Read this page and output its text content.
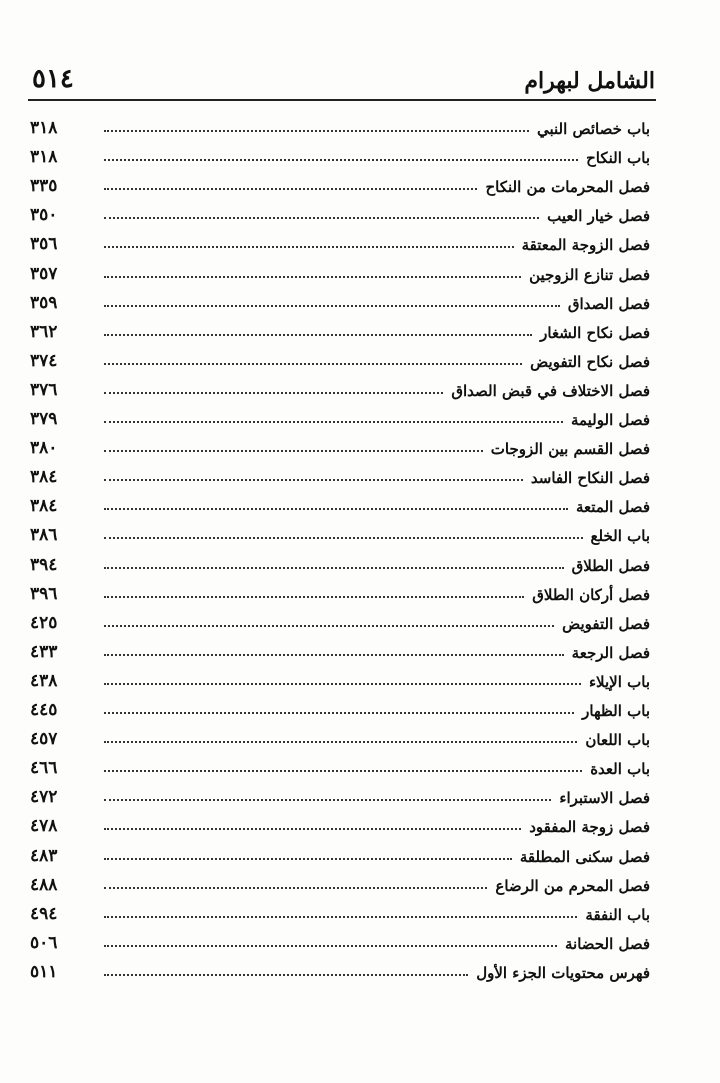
الشامل لبهرام
٥١٤
باب خصائص النبي
٣١٨
باب النكاح
٣١٨
فصل المحرمات من النكاح
٣٣٥
فصل خيار العيب
٣٥٠
فصل الزوجة المعتقة
٣٥٦
فصل تنازع الزوجين
٣٥٧
فصل الصداق
٣٥٩
فصل نكاح الشغار
٣٦٢
فصل نكاح التفويض
٣٧٤
فصل الاختلاف في قبض الصداق
٣٧٦
فصل الوليمة
٣٧٩
فصل القسم بين الزوجات
٣٨٠
فصل النكاح الفاسد
٣٨٤
فصل المتعة
٣٨٤
باب الخلع
٣٨٦
فصل الطلاق
٣٩٤
فصل أركان الطلاق
٣٩٦
فصل التفويض
٤٢٥
فصل الرجعة
٤٣٣
باب الإيلاء
٤٣٨
باب الظهار
٤٤٥
باب اللعان
٤٥٧
باب العدة
٤٦٦
فصل الاستبراء
٤٧٢
فصل زوجة المفقود
٤٧٨
فصل سكنى المطلقة
٤٨٣
فصل المحرم من الرضاع
٤٨٨
باب النفقة
٤٩٤
فصل الحضانة
٥٠٦
فهرس محتويات الجزء الأول
٥١١
